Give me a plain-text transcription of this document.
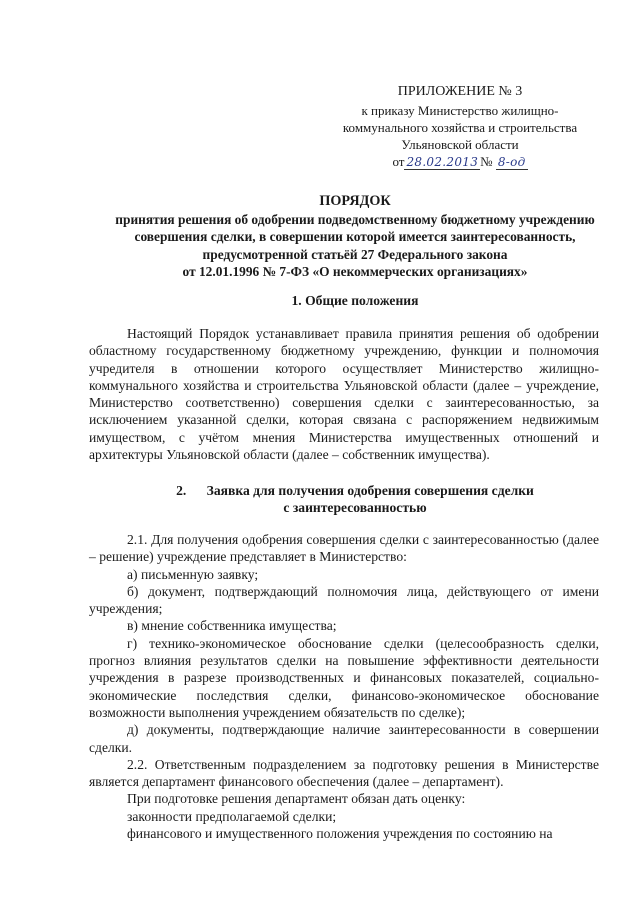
ПРИЛОЖЕНИЕ № 3
к приказу Министерство жилищно-
коммунального хозяйства и строительства
Ульяновской области
от 28.02.2013 № 8-од
ПОРЯДОК
принятия решения об одобрении подведомственному бюджетному учреждению
совершения сделки, в совершении которой имеется заинтересованность,
предусмотренной статьёй 27 Федерального закона
от 12.01.1996 № 7-ФЗ «О некоммерческих организациях»
1. Общие положения

Настоящий Порядок устанавливает правила принятия решения об одобрении областному государственному бюджетному учреждению, функции и полномочия учредителя в отношении которого осуществляет Министерство жилищно-коммунального хозяйства и строительства Ульяновской области (далее – учреждение, Министерство соответственно) совершения сделки с заинтересованностью, за исключением указанной сделки, которая связана с распоряжением недвижимым имуществом, с учётом мнения Министерства имущественных отношений и архитектуры Ульяновской области (далее – собственник имущества).

2.      Заявка для получения одобрения совершения сделки
с заинтересованностью

2.1. Для получения одобрения совершения сделки с заинтересованностью (далее – решение) учреждение представляет в Министерство:

а) письменную заявку;

б) документ, подтверждающий полномочия лица, действующего от имени учреждения;

в) мнение собственника имущества;

г) технико-экономическое обоснование сделки (целесообразность сделки, прогноз влияния результатов сделки на повышение эффективности деятельности учреждения в разрезе производственных и финансовых показателей, социально-экономические последствия сделки, финансово-экономическое обоснование возможности выполнения учреждением обязательств по сделке);

д) документы, подтверждающие наличие заинтересованности в совершении сделки.

2.2. Ответственным подразделением за подготовку решения в Министерстве является департамент финансового обеспечения (далее – департамент).

При подготовке решения департамент обязан дать оценку:

законности предполагаемой сделки;

финансового и имущественного положения учреждения по состоянию на
